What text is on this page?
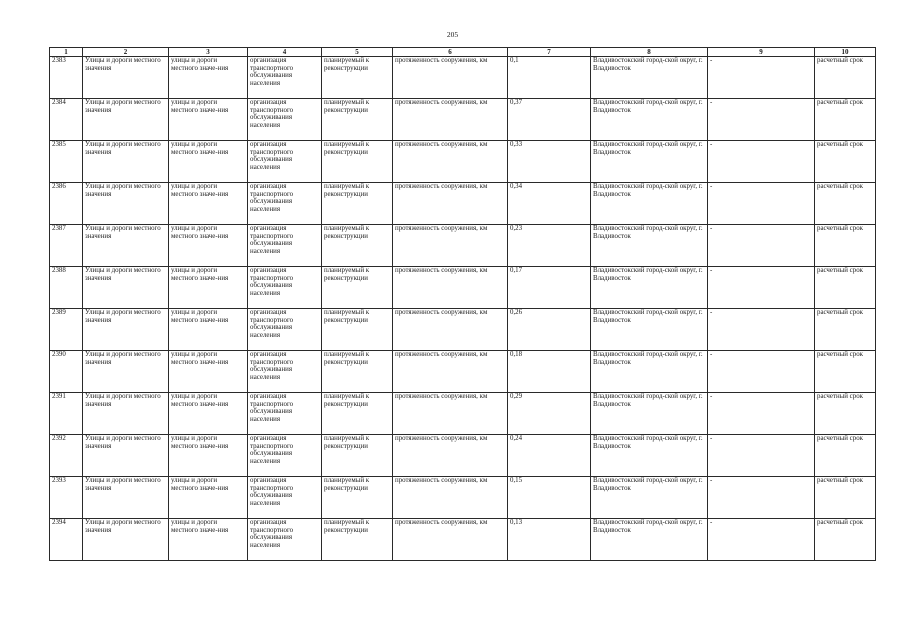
205
1	2	3	4	5	6	7	8	9	10
2383	Улицы и дороги местного значения	улицы и дороги местного значе-ния	организация транспортного обслуживания населения	планируемый к реконструкции	протяженность сооружения, км	0,1	Владивостокский город-ской округ, г. Владивосток	-	расчетный срок
2384	Улицы и дороги местного значения	улицы и дороги местного значе-ния	организация транспортного обслуживания населения	планируемый к реконструкции	протяженность сооружения, км	0,37	Владивостокский город-ской округ, г. Владивосток	-	расчетный срок
2385	Улицы и дороги местного значения	улицы и дороги местного значе-ния	организация транспортного обслуживания населения	планируемый к реконструкции	протяженность сооружения, км	0,33	Владивостокский город-ской округ, г. Владивосток	-	расчетный срок
2386	Улицы и дороги местного значения	улицы и дороги местного значе-ния	организация транспортного обслуживания населения	планируемый к реконструкции	протяженность сооружения, км	0,34	Владивостокский город-ской округ, г. Владивосток	-	расчетный срок
2387	Улицы и дороги местного значения	улицы и дороги местного значе-ния	организация транспортного обслуживания населения	планируемый к реконструкции	протяженность сооружения, км	0,23	Владивостокский город-ской округ, г. Владивосток	-	расчетный срок
2388	Улицы и дороги местного значения	улицы и дороги местного значе-ния	организация транспортного обслуживания населения	планируемый к реконструкции	протяженность сооружения, км	0,17	Владивостокский город-ской округ, г. Владивосток	-	расчетный срок
2389	Улицы и дороги местного значения	улицы и дороги местного значе-ния	организация транспортного обслуживания населения	планируемый к реконструкции	протяженность сооружения, км	0,26	Владивостокский город-ской округ, г. Владивосток	-	расчетный срок
2390	Улицы и дороги местного значения	улицы и дороги местного значе-ния	организация транспортного обслуживания населения	планируемый к реконструкции	протяженность сооружения, км	0,18	Владивостокский город-ской округ, г. Владивосток	-	расчетный срок
2391	Улицы и дороги местного значения	улицы и дороги местного значе-ния	организация транспортного обслуживания населения	планируемый к реконструкции	протяженность сооружения, км	0,29	Владивостокский город-ской округ, г. Владивосток	-	расчетный срок
2392	Улицы и дороги местного значения	улицы и дороги местного значе-ния	организация транспортного обслуживания населения	планируемый к реконструкции	протяженность сооружения, км	0,24	Владивостокский город-ской округ, г. Владивосток	-	расчетный срок
2393	Улицы и дороги местного значения	улицы и дороги местного значе-ния	организация транспортного обслуживания населения	планируемый к реконструкции	протяженность сооружения, км	0,15	Владивостокский город-ской округ, г. Владивосток	-	расчетный срок
2394	Улицы и дороги местного значения	улицы и дороги местного значе-ния	организация транспортного обслуживания населения	планируемый к реконструкции	протяженность сооружения, км	0,13	Владивостокский город-ской округ, г. Владивосток	-	расчетный срок
